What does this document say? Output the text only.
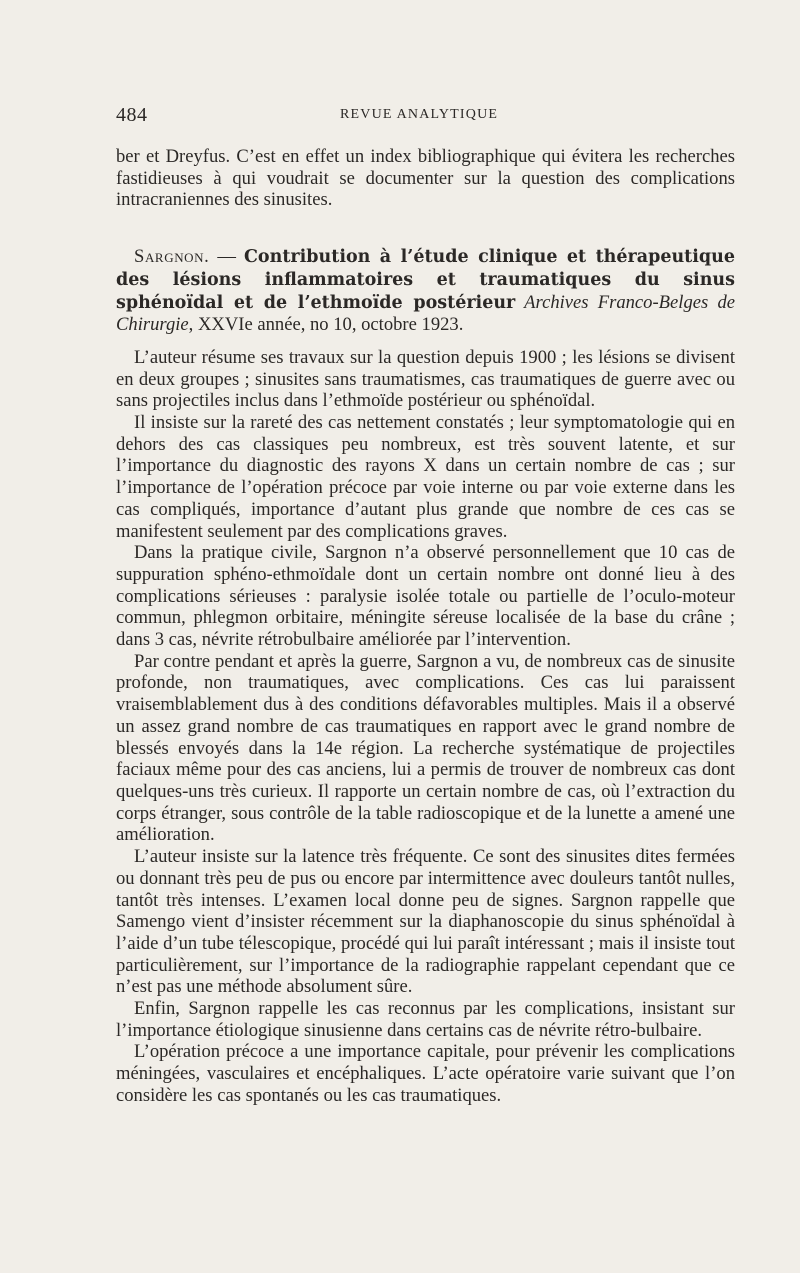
484	REVUE ANALYTIQUE

ber et Dreyfus. C’est en effet un index bibliographique qui évitera les recherches fastidieuses à qui voudrait se documenter sur la question des complications intracraniennes des sinusites.

Sargnon. — Contribution à l’étude clinique et thérapeutique des lésions inflammatoires et traumatiques du sinus sphénoïdal et de l’ethmoïde postérieur Archives Franco-Belges de Chirurgie, XXVIe année, no 10, octobre 1923.

L’auteur résume ses travaux sur la question depuis 1900 ; les lésions se divisent en deux groupes ; sinusites sans traumatismes, cas traumatiques de guerre avec ou sans projectiles inclus dans l’ethmoïde postérieur ou sphénoïdal.

Il insiste sur la rareté des cas nettement constatés ; leur symptomatologie qui en dehors des cas classiques peu nombreux, est très souvent latente, et sur l’importance du diagnostic des rayons X dans un certain nombre de cas ; sur l’importance de l’opération précoce par voie interne ou par voie externe dans les cas compliqués, importance d’autant plus grande que nombre de ces cas se manifestent seulement par des complications graves.

Dans la pratique civile, Sargnon n’a observé personnellement que 10 cas de suppuration sphéno-ethmoïdale dont un certain nombre ont donné lieu à des complications sérieuses : paralysie isolée totale ou partielle de l’oculo-moteur commun, phlegmon orbitaire, méningite séreuse localisée de la base du crâne ; dans 3 cas, névrite rétrobulbaire améliorée par l’intervention.

Par contre pendant et après la guerre, Sargnon a vu, de nombreux cas de sinusite profonde, non traumatiques, avec complications. Ces cas lui paraissent vraisemblablement dus à des conditions défavorables multiples. Mais il a observé un assez grand nombre de cas traumatiques en rapport avec le grand nombre de blessés envoyés dans la 14e région. La recherche systématique de projectiles faciaux même pour des cas anciens, lui a permis de trouver de nombreux cas dont quelques-uns très curieux. Il rapporte un certain nombre de cas, où l’extraction du corps étranger, sous contrôle de la table radioscopique et de la lunette a amené une amélioration.

L’auteur insiste sur la latence très fréquente. Ce sont des sinusites dites fermées ou donnant très peu de pus ou encore par intermittence avec douleurs tantôt nulles, tantôt très intenses. L’examen local donne peu de signes. Sargnon rappelle que Samengo vient d’insister récemment sur la diaphanoscopie du sinus sphénoïdal à l’aide d’un tube télescopique, procédé qui lui paraît intéressant ; mais il insiste tout particulièrement, sur l’importance de la radiographie rappelant cependant que ce n’est pas une méthode absolument sûre.

Enfin, Sargnon rappelle les cas reconnus par les complications, insistant sur l’importance étiologique sinusienne dans certains cas de névrite rétro-bulbaire.

L’opération précoce a une importance capitale, pour prévenir les complications méningées, vasculaires et encéphaliques. L’acte opératoire varie suivant que l’on considère les cas spontanés ou les cas traumatiques.
